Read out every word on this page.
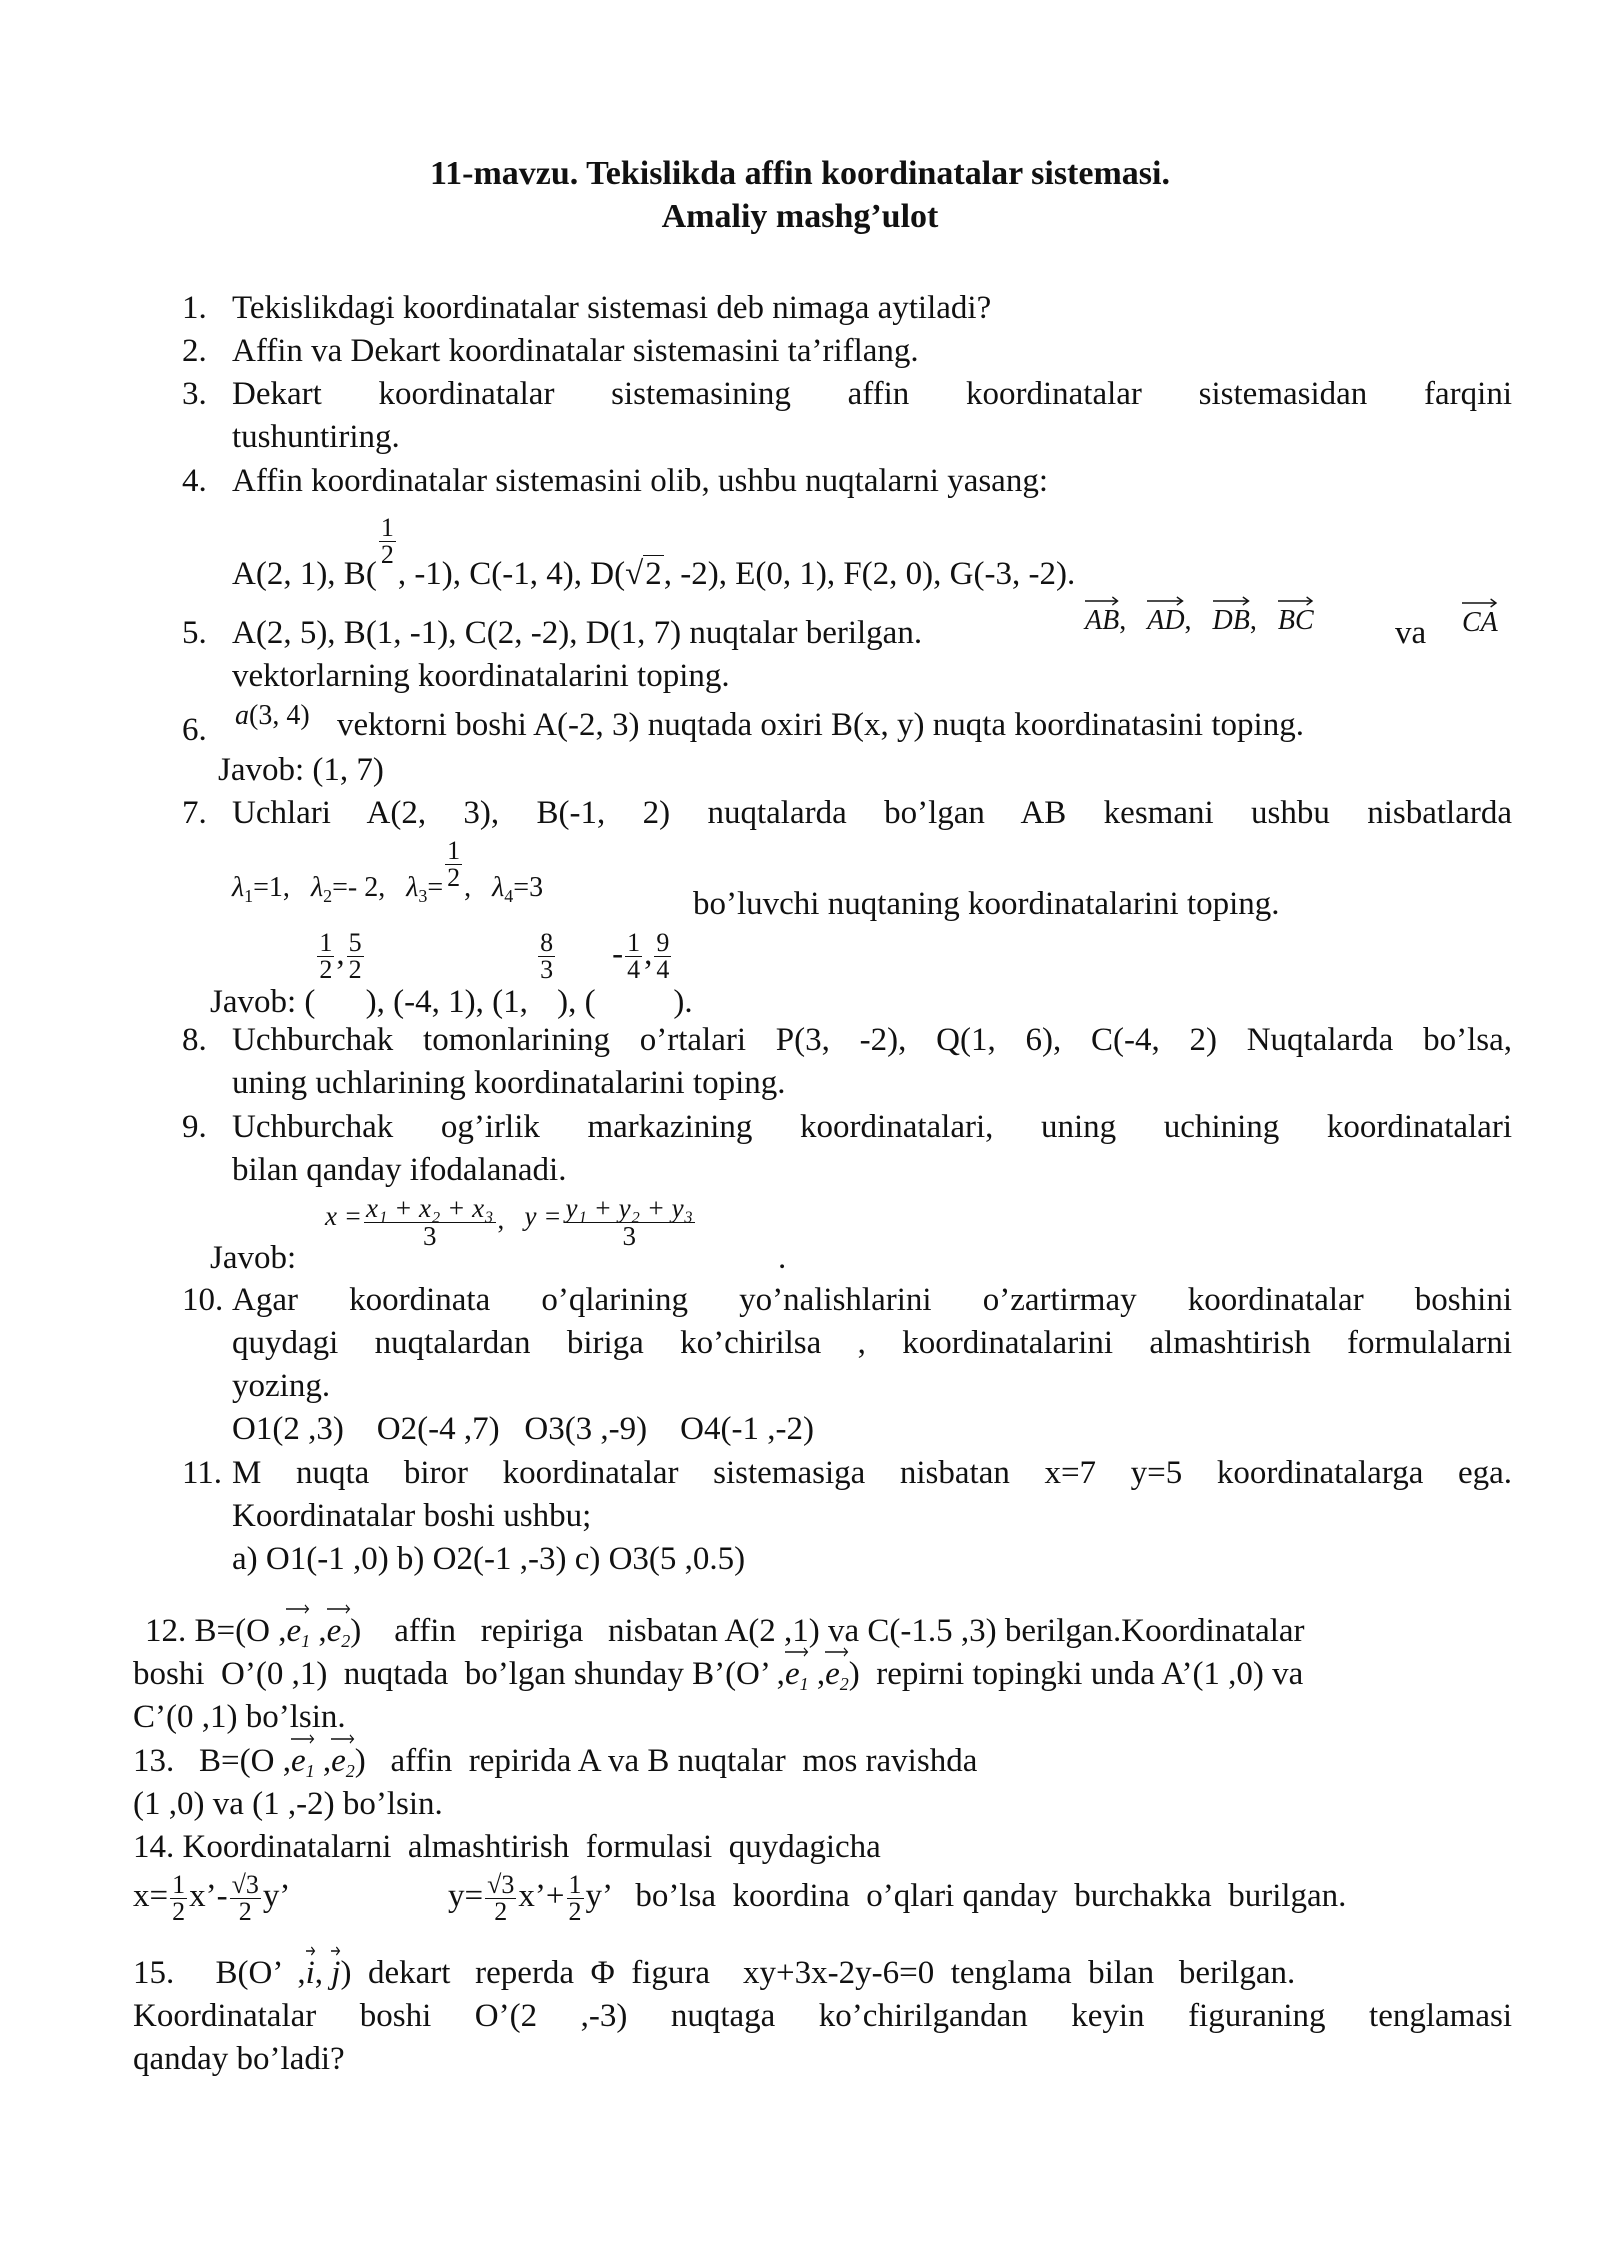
11-mavzu. Tekislikda affin koordinatalar sistemasi.
Amaliy mashg’ulot
1. Tekislikdagi koordinatalar sistemasi deb nimaga aytiladi?
2. Affin va Dekart koordinatalar sistemasini ta’riflang.
3. Dekart koordinatalar sistemasining affin koordinatalar sistemasidan farqini
tushuntiring.
4. Affin koordinatalar sistemasini olib, ushbu nuqtalarni yasang:
A(2, 1), B(
$\frac{1}{2}$
, -1), C(-1, 4), D(√2, -2), E(0, 1), F(2, 0), G(-3, -2).
5. A(2, 5), B(1, -1), C(2, -2), D(1, 7) nuqtalar berilgan.	AB,
AD,
DB,
BC va CA
vektorlarning koordinatalarini toping.
6. a(3, 4) vektorni boshi A(-2, 3) nuqtada oxiri B(x, y) nuqta koordinatasini toping.
Javob: (1, 7)
7. Uchlari A(2, 3), B(-1, 2) nuqtalarda bo’lgan AB kesmani ushbu nisbatlarda
$\lambda_1=1$, $\lambda_2=-$ 2, $\lambda_3= \frac{1}{2}$ ,   $\lambda_4=3$	bo’luvchi nuqtaning koordinatalarini toping.
Javob: (
$\frac{1}{2}$ , $\frac{5}{2}$
), (-4, 1), (1,
$\frac{8}{3}$
), (  - $\frac{1}{4}$ , $\frac{9}{4}$
).
8. Uchburchak tomonlarining o’rtalari P(3, -2), Q(1, 6), C(-4, 2) Nuqtalarda bo’lsa,
uning uchlarining koordinatalarini toping.
9. Uchburchak og’irlik markazining koordinatalari, uning uchining koordinatalari
bilan qanday ifodalanadi.
Javob:
$x = \frac{\text{x₁ + x₂ + x₃}}{3}$ ,   $y = \frac{\text{y₁ + y₂ + y₃}}{3}$
.
10. Agar koordinata o’qlarining yo’nalishlarini o’zartirmay koordinatalar boshini
quydagi nuqtalardan biriga ko’chirilsa , koordinatalarini almashtirish formulalarni
yozing.
O1(2 ,3)    O2(-4 ,7)   O3(3 ,-9)    O4(-1 ,-2)
11. M nuqta biror koordinatalar sistemasiga nisbatan x=7 y=5 koordinatalarga ega.
Koordinatalar boshi ushbu;
a) O1(-1 ,0) b) O2(-1 ,-3) c) O3(5 ,0.5)
12. B=(O ,
$e_1$ ,
$e_2$)    affin   repiriga   nisbatan A(2 ,1) va C(-1.5 ,3) berilgan.Koordinatalar
boshi  O’(0 ,1)  nuqtada  bo’lgan shunday B’(O’ ,
$e_1$ ,
$e_2$)  repirni topingki unda A’(1 ,0) va
C’(0 ,1) bo’lsin.
13.   B=(O ,
$e_1$ ,
$e_2$)   affin  repirida A va B nuqtalar  mos ravishda
(1 ,0) va (1 ,-2) bo’lsin.
14. Koordinatalarni  almashtirish  formulasi  quydagicha
$x= \frac{1}{2}$ x’- $\frac{√3}{2} y$’	$y= \frac{√3}{2}$ x’+ $\frac{1}{2} y$’ bo’lsa  koordina  o’qlari qanday  burchakka  burilgan.
15.     B(O’  ,
i,
j)  dekart   reperda  Φ  figura    xy+3x-2y-6=0  tenglama  bilan   berilgan.
Koordinatalar boshi O’(2 ,-3) nuqtaga ko’chirilgandan keyin figuraning tenglamasi
qanday bo’ladi?
